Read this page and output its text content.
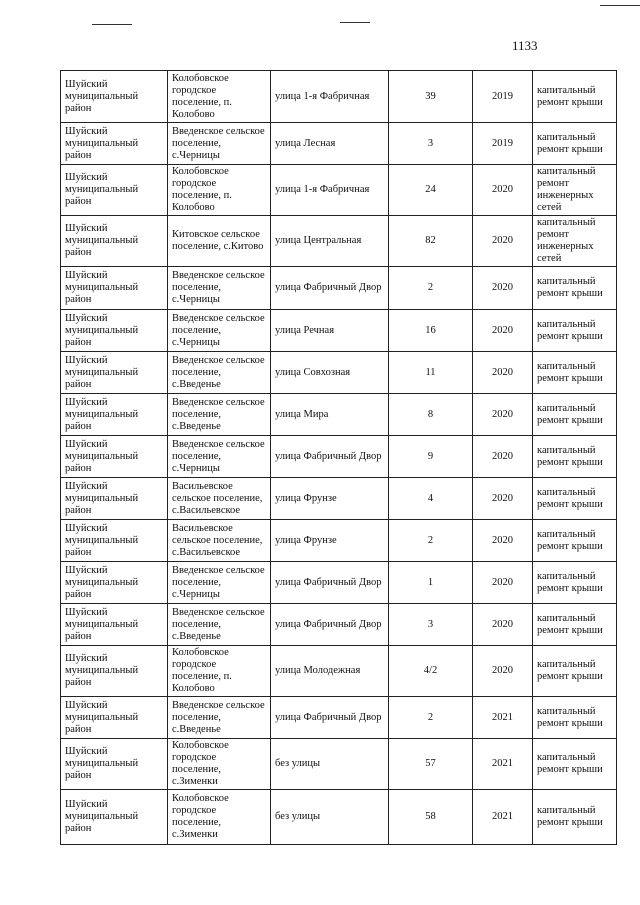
1133
Шуйский муниципальный район	Колобовское городское поселение, п. Колобово	улица 1-я Фабричная	39	2019	капитальный ремонт крыши
Шуйский муниципальный район	Введенское сельское поселение, с.Черницы	улица Лесная	3	2019	капитальный ремонт крыши
Шуйский муниципальный район	Колобовское городское поселение, п. Колобово	улица 1-я Фабричная	24	2020	капитальный ремонт инженерных сетей
Шуйский муниципальный район	Китовское сельское поселение, с.Китово	улица Центральная	82	2020	капитальный ремонт инженерных сетей
Шуйский муниципальный район	Введенское сельское поселение, с.Черницы	улица Фабричный Двор	2	2020	капитальный ремонт крыши
Шуйский муниципальный район	Введенское сельское поселение, с.Черницы	улица Речная	16	2020	капитальный ремонт крыши
Шуйский муниципальный район	Введенское сельское поселение, с.Введенье	улица Совхозная	11	2020	капитальный ремонт крыши
Шуйский муниципальный район	Введенское сельское поселение, с.Введенье	улица Мира	8	2020	капитальный ремонт крыши
Шуйский муниципальный район	Введенское сельское поселение, с.Черницы	улица Фабричный Двор	9	2020	капитальный ремонт крыши
Шуйский муниципальный район	Васильевское сельское поселение, с.Васильевское	улица Фрунзе	4	2020	капитальный ремонт крыши
Шуйский муниципальный район	Васильевское сельское поселение, с.Васильевское	улица Фрунзе	2	2020	капитальный ремонт крыши
Шуйский муниципальный район	Введенское сельское поселение, с.Черницы	улица Фабричный Двор	1	2020	капитальный ремонт крыши
Шуйский муниципальный район	Введенское сельское поселение, с.Введенье	улица Фабричный Двор	3	2020	капитальный ремонт крыши
Шуйский муниципальный район	Колобовское городское поселение, п. Колобово	улица Молодежная	4/2	2020	капитальный ремонт крыши
Шуйский муниципальный район	Введенское сельское поселение, с.Введенье	улица Фабричный Двор	2	2021	капитальный ремонт крыши
Шуйский муниципальный район	Колобовское городское поселение, с.Зименки	без улицы	57	2021	капитальный ремонт крыши
Шуйский муниципальный район	Колобовское городское поселение, с.Зименки	без улицы	58	2021	капитальный ремонт крыши
